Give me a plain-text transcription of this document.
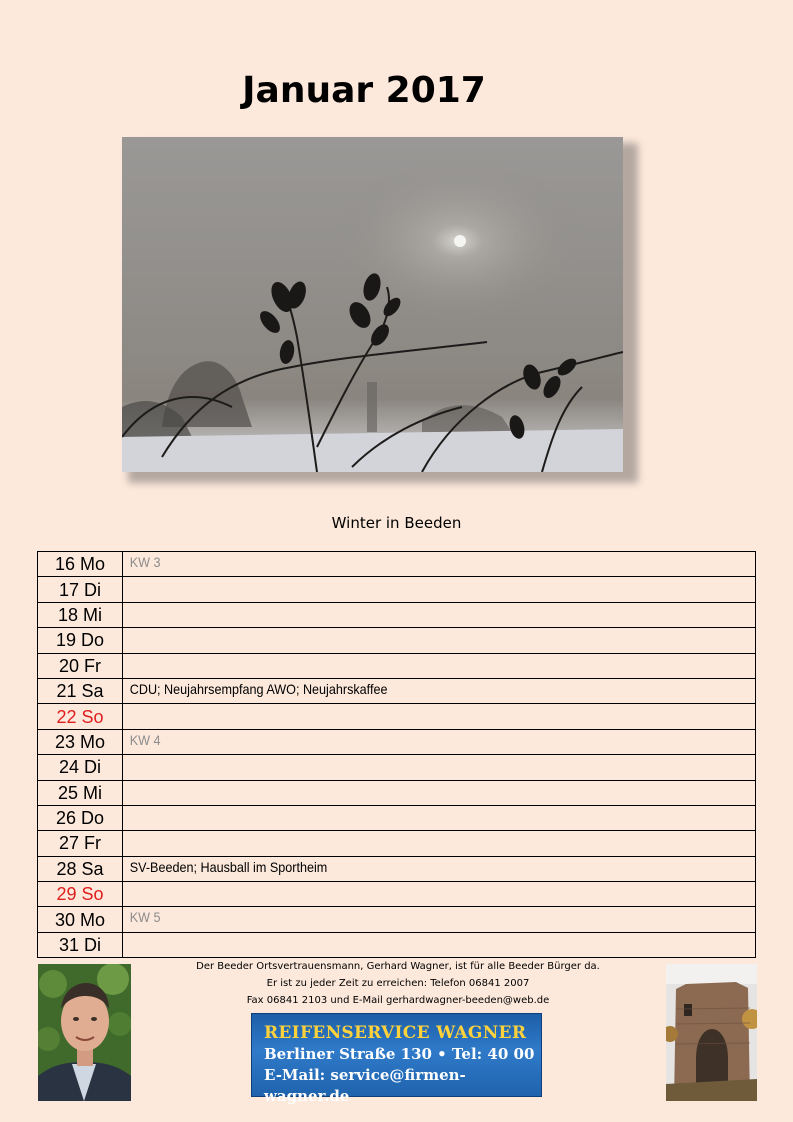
Januar 2017
Winter in Beeden
16 Mo	KW 3
17 Di	
18 Mi	
19 Do	
20 Fr	
21 Sa	CDU; Neujahrsempfang AWO; Neujahrskaffee
22 So	
23 Mo	KW 4
24 Di	
25 Mi	
26 Do	
27 Fr	
28 Sa	SV-Beeden; Hausball im Sportheim
29 So	
30 Mo	KW 5
31 Di	
Der Beeder Ortsvertrauensmann, Gerhard Wagner, ist für alle Beeder Bürger da.
Er ist zu jeder Zeit zu erreichen: Telefon 06841 2007
Fax 06841 2103 und E-Mail gerhardwagner-beeden@web.de
REIFENSERVICE WAGNER
Berliner Straße 130 • Tel: 40 00
E-Mail: service@firmen-wagner.de
